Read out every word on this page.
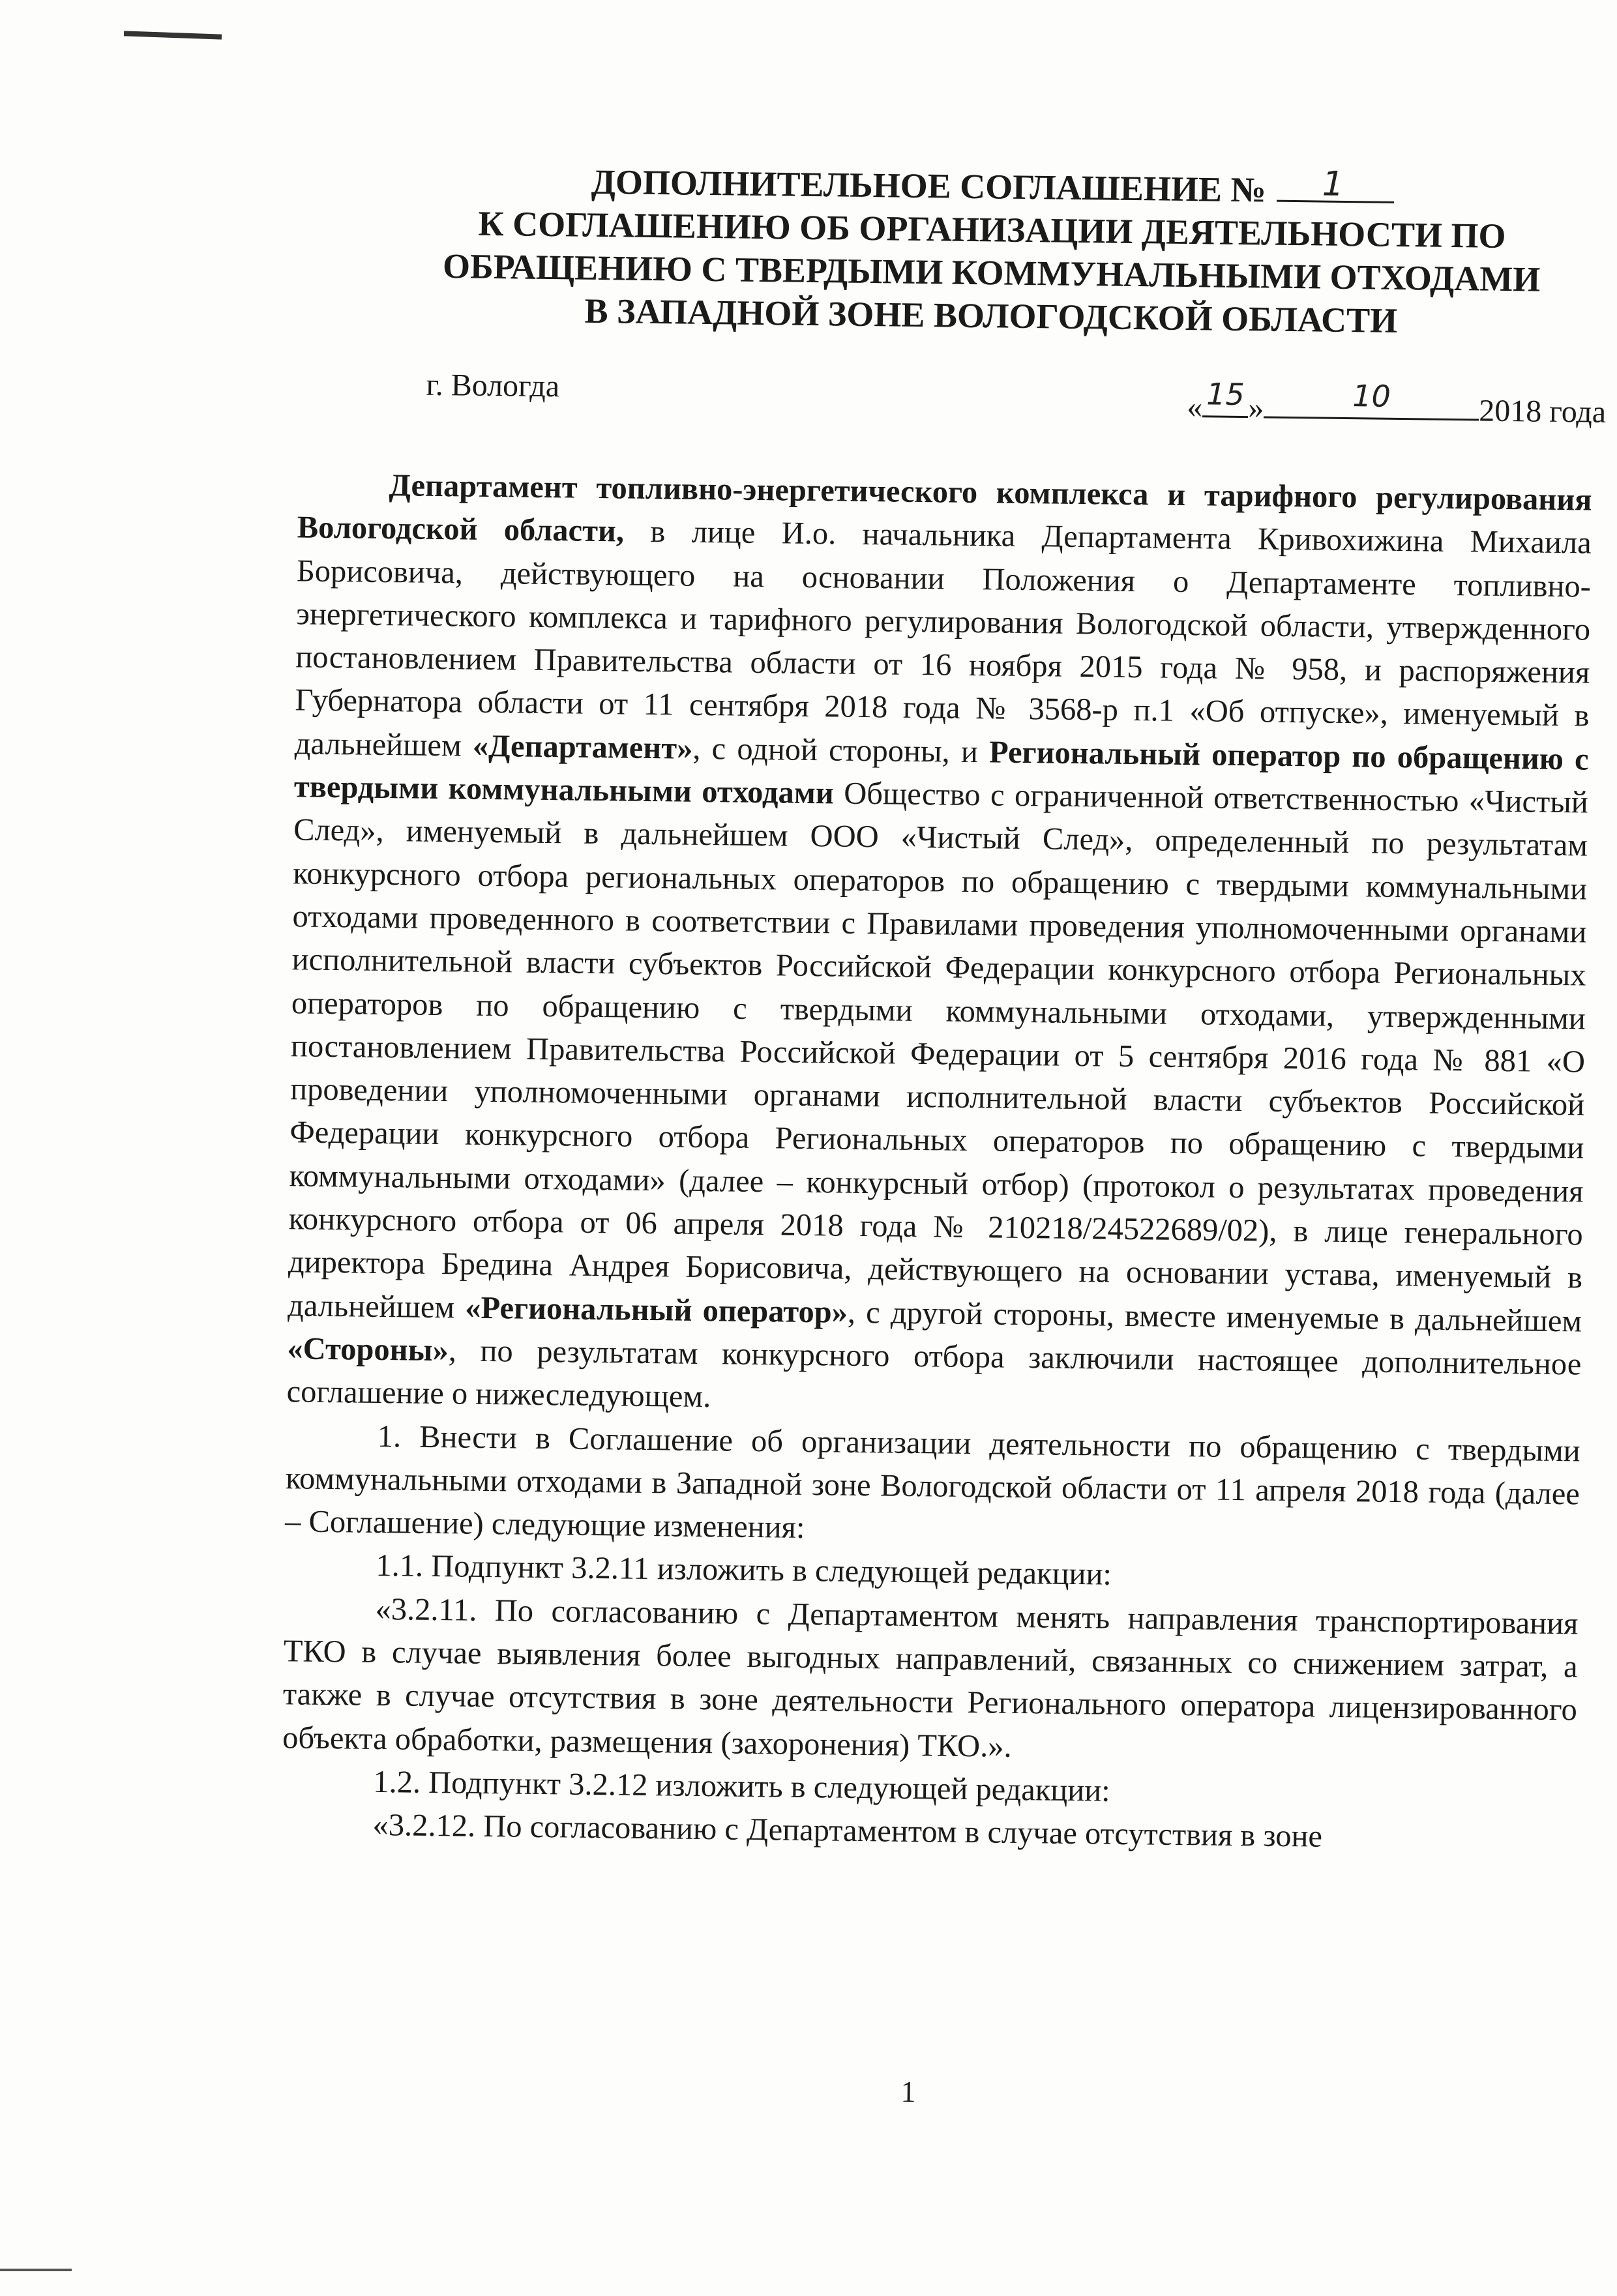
ДОПОЛНИТЕЛЬНОЕ СОГЛАШЕНИЕ № 1
К СОГЛАШЕНИЮ ОБ ОРГАНИЗАЦИИ ДЕЯТЕЛЬНОСТИ ПО
ОБРАЩЕНИЮ С ТВЕРДЫМИ КОММУНАЛЬНЫМИ ОТХОДАМИ
В ЗАПАДНОЙ ЗОНЕ ВОЛОГОДСКОЙ ОБЛАСТИ
г. Вологда
« 15 »	10	2018 года

Департамент топливно-энергетического комплекса и тарифного регулирования Вологодской области, в лице И.о. начальника Департамента Кривохижина Михаила Борисовича, действующего на основании Положения о Департаменте топливно-энергетического комплекса и тарифного регулирования Вологодской области, утвержденного постановлением Правительства области от 16 ноября 2015 года № 958, и распоряжения Губернатора области от 11 сентября 2018 года № 3568-р п.1 «Об отпуске», именуемый в дальнейшем «Департамент», с одной стороны, и Региональный оператор по обращению с твердыми коммунальными отходами Общество с ограниченной ответственностью «Чистый След», именуемый в дальнейшем ООО «Чистый След», определенный по результатам конкурсного отбора региональных операторов по обращению с твердыми коммунальными отходами проведенного в соответствии с Правилами проведения уполномоченными органами исполнительной власти субъектов Российской Федерации конкурсного отбора Региональных операторов по обращению с твердыми коммунальными отходами, утвержденными постановлением Правительства Российской Федерации от 5 сентября 2016 года № 881 «О проведении уполномоченными органами исполнительной власти субъектов Российской Федерации конкурсного отбора Региональных операторов по обращению с твердыми коммунальными отходами» (далее – конкурсный отбор) (протокол о результатах проведения конкурсного отбора от 06 апреля 2018 года № 210218/24522689/02), в лице генерального директора Бредина Андрея Борисовича, действующего на основании устава, именуемый в дальнейшем «Региональный оператор», с другой стороны, вместе именуемые в дальнейшем «Стороны», по результатам конкурсного отбора заключили настоящее дополнительное соглашение о нижеследующем.

1. Внести в Соглашение об организации деятельности по обращению с твердыми коммунальными отходами в Западной зоне Вологодской области от 11 апреля 2018 года (далее – Соглашение) следующие изменения:

1.1. Подпункт 3.2.11 изложить в следующей редакции:

«3.2.11. По согласованию с Департаментом менять направления транспортирования ТКО в случае выявления более выгодных направлений, связанных со снижением затрат, а также в случае отсутствия в зоне деятельности Регионального оператора лицензированного объекта обработки, размещения (захоронения) ТКО.».

1.2. Подпункт 3.2.12 изложить в следующей редакции:

«3.2.12. По согласованию с Департаментом в случае отсутствия в зоне

1
